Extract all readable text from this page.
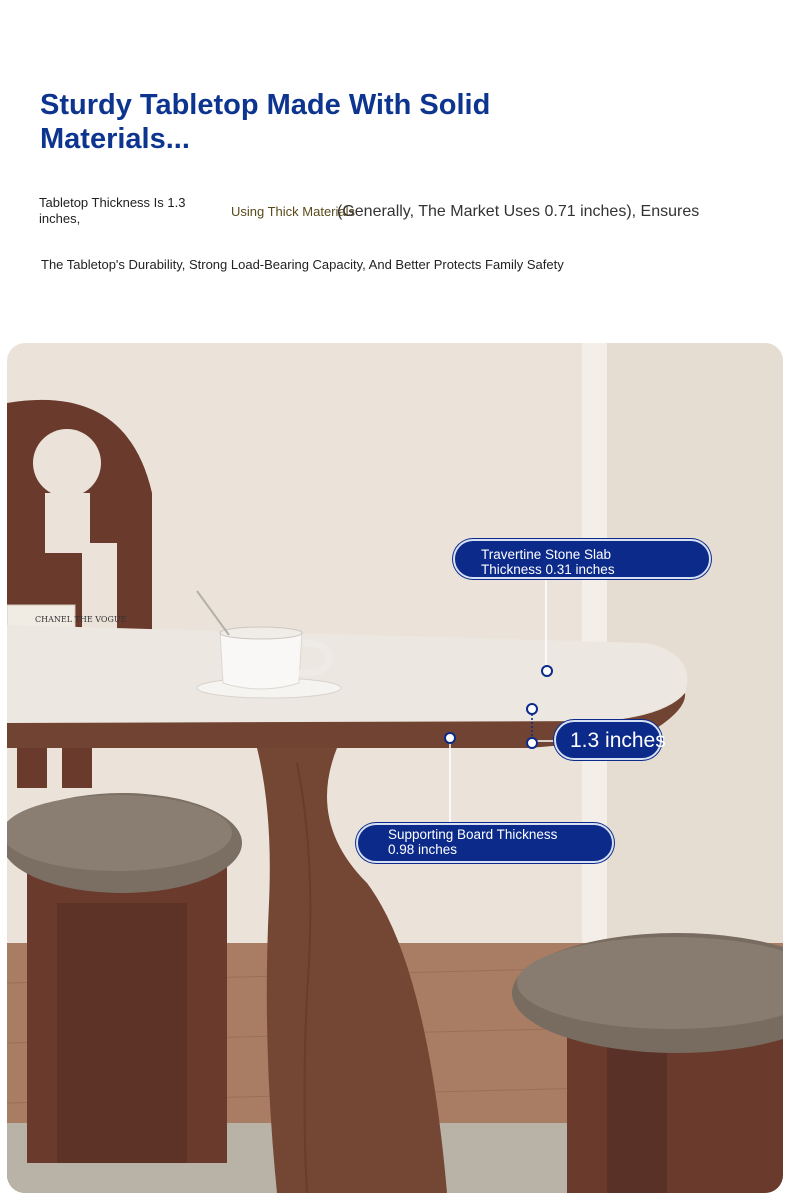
Sturdy Tabletop Made With Solid Materials...

Tabletop Thickness Is 1.3 inches,	Using Thick Materials
(Generally, The Market Uses 0.71 inches), Ensures

The Tabletop's Durability, Strong Load-Bearing Capacity, And Better Protects Family Safety

CHANEL THE VOGUE
Travertine Stone Slab
Thickness 0.31 inches
1.3 inches
Supporting Board Thickness
0.98 inches
